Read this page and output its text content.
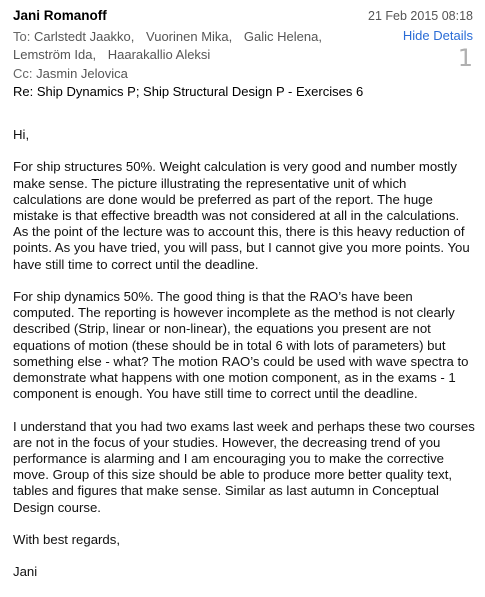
Jani Romanoff	21 Feb 2015 08:18
Hide Details
1
To: Carlstedt Jaakko, Vuorinen Mika, Galic Helena,
Lemström Ida, Haarakallio Aleksi
Cc: Jasmin Jelovica
Re: Ship Dynamics P; Ship Structural Design P - Exercises 6

Hi,

For ship structures 50%. Weight calculation is very good and number mostly make sense. The picture illustrating the representative unit of which calculations are done would be preferred as part of the report. The huge mistake is that effective breadth was not considered at all in the calculations. As the point of the lecture was to account this, there is this heavy reduction of points. As you have tried, you will pass, but I cannot give you more points. You have still time to correct until the deadline.

For ship dynamics 50%. The good thing is that the RAO’s have been computed. The reporting is however incomplete as the method is not clearly described (Strip, linear or non-linear), the equations you present are not equations of motion (these should be in total 6 with lots of parameters) but something else - what? The motion RAO’s could be used with wave spectra to demonstrate what happens with one motion component, as in the exams - 1 component is enough. You have still time to correct until the deadline.

I understand that you had two exams last week and perhaps these two courses are not in the focus of your studies. However, the decreasing trend of you performance is alarming and I am encouraging you to make the corrective move. Group of this size should be able to produce more better quality text, tables and figures that make sense. Similar as last autumn in Conceptual Design course.

With best regards,

Jani
